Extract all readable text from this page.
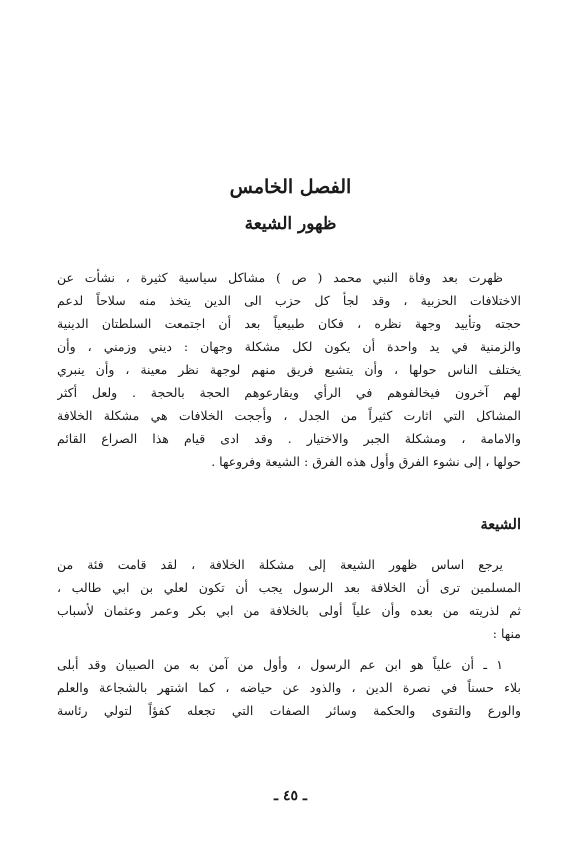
الفصل الخامس
ظهور الشيعة

ظهرت بعد وفاة النبي محمد ( ص ) مشاكل سياسية كثيرة ، نشأت عن
الاختلافات الحزبية ، وقد لجأ كل حزب الى الدين يتخذ منه سلاحاً لدعم
حجته وتأييد وجهة نظره ، فكان طبيعياً بعد أن اجتمعت السلطتان الدينية
والزمنية في يد واحدة أن يكون لكل مشكلة وجهان : ديني وزمني ، وأن
يختلف الناس حولها ، وأن يتشيع فريق منهم لوجهة نظر معينة ، وأن ينبري
لهم آخرون فيخالفوهم في الرأي ويقارعوهم الحجة بالحجة . ولعل أكثر
المشاكل التي اثارت كثيراً من الجدل ، وأججت الخلافات هي مشكلة الخلافة
والامامة ، ومشكلة الجبر والاختيار . وقد ادى قيام هذا الصراع القائم
حولها ، إلى نشوء الفرق وأول هذه الفرق : الشيعة وفروعها .

الشيعة

يرجع اساس ظهور الشيعة إلى مشكلة الخلافة ، لقد قامت فئة من
المسلمين ترى أن الخلافة بعد الرسول يجب أن تكون لعلي بن ابي طالب ،
ثم لذريته من بعده وأن علياً أولى بالخلافة من ابي بكر وعمر وعثمان لأسباب
منها :

١ ـ أن علياً هو ابن عم الرسول ، وأول من آمن به من الصبيان وقد أبلى
بلاء حسناً في نصرة الدين ، والذود عن حياضه ، كما اشتهر بالشجاعة والعلم
والورع والتقوى والحكمة وسائر الصفات التي تجعله كفؤاً لتولي رئاسة

ـ ٤٥ ـ
